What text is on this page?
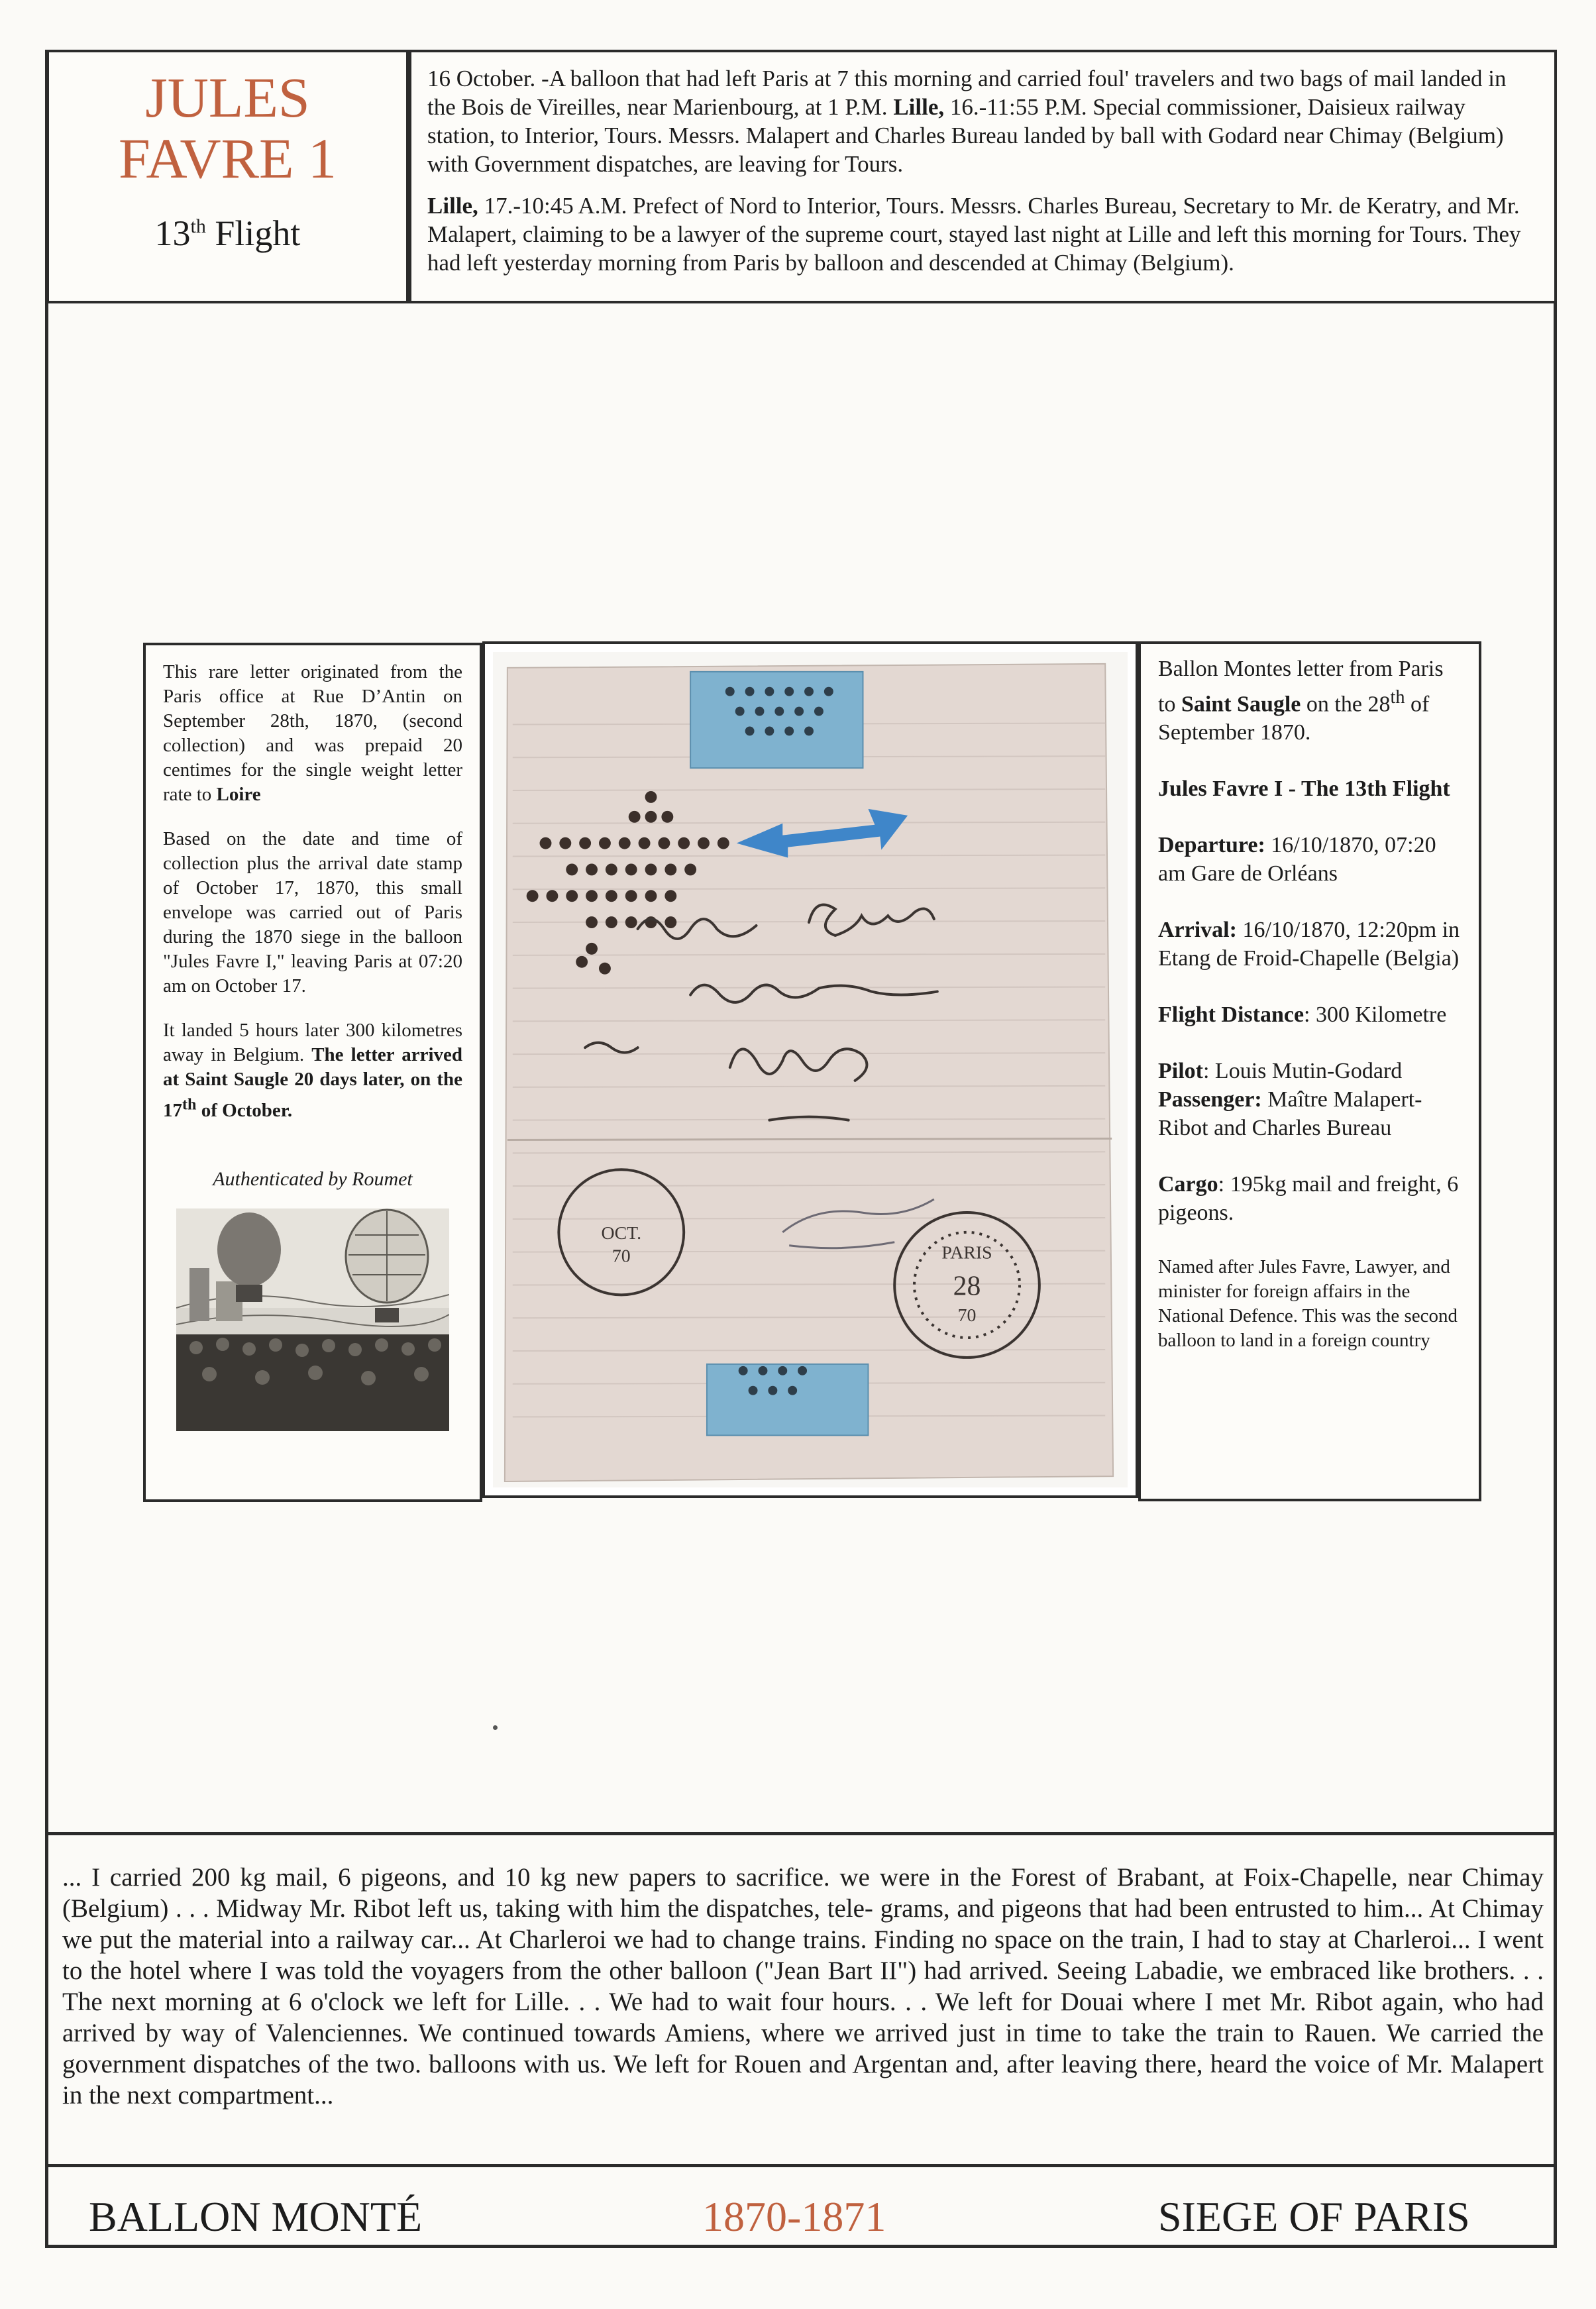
JULES
FAVRE 1
13th Flight

16 October. -A balloon that had left Paris at 7 this morning and carried foul' travelers and two bags of mail landed in the Bois de Vireilles, near Marienbourg, at 1 P.M. Lille, 16.-11:55 P.M. Special commissioner, Daisieux railway station, to Interior, Tours. Messrs. Malapert and Charles Bureau landed by ball with Godard near Chimay (Belgium) with Government dispatches, are leaving for Tours.

Lille, 17.-10:45 A.M. Prefect of Nord to Interior, Tours. Messrs. Charles Bureau, Secretary to Mr. de Keratry, and Mr. Malapert, claiming to be a lawyer of the supreme court, stayed last night at Lille and left this morning for Tours. They had left yesterday morning from Paris by balloon and descended at Chimay (Belgium).

This rare letter originated from the Paris office at Rue D’Antin on September 28th, 1870, (second collection) and was prepaid 20 centimes for the single weight letter rate to Loire

Based on the date and time of collection plus the arrival date stamp of October 17, 1870, this small envelope was carried out of Paris during the 1870 siege in the balloon "Jules Favre I," leaving Paris at 07:20 am on October 17.

It landed 5 hours later 300 kilometres away in Belgium. The letter arrived at Saint Saugle 20 days later, on the 17th of October.

Authenticated by Roumet
OCT.
70	PARIS
28
70

Ballon Montes letter from Paris to Saint Saugle on the 28th of September 1870.

Jules Favre I - The 13th Flight

Departure: 16/10/1870, 07:20 am Gare de Orléans

Arrival: 16/10/1870, 12:20pm in Etang de Froid-Chapelle (Belgia)

Flight Distance: 300 Kilometre

Pilot: Louis Mutin-Godard
Passenger: Maître Malapert-Ribot and Charles Bureau

Cargo: 195kg mail and freight, 6 pigeons.

Named after Jules Favre, Lawyer, and minister for foreign affairs in the National Defence. This was the second balloon to land in a foreign country

... I carried 200 kg mail, 6 pigeons, and 10 kg new papers to sacrifice. we were in the Forest of Brabant, at Foix-Chapelle, near Chimay (Belgium) . . . Midway Mr. Ribot left us, taking with him the dispatches, tele- grams, and pigeons that had been entrusted to him... At Chimay we put the material into a railway car... At Charleroi we had to change trains. Finding no space on the train, I had to stay at Charleroi... I went to the hotel where I was told the voyagers from the other balloon ("Jean Bart II") had arrived. Seeing Labadie, we embraced like brothers. . . The next morning at 6 o'clock we left for Lille. . . We had to wait four hours. . . We left for Douai where I met Mr. Ribot again, who had arrived by way of Valenciennes. We continued towards Amiens, where we arrived just in time to take the train to Rauen. We carried the government dispatches of the two. balloons with us. We left for Rouen and Argentan and, after leaving there, heard the voice of Mr. Malapert in the next compartment...
BALLON MONTÉ	1870-1871	SIEGE OF PARIS
